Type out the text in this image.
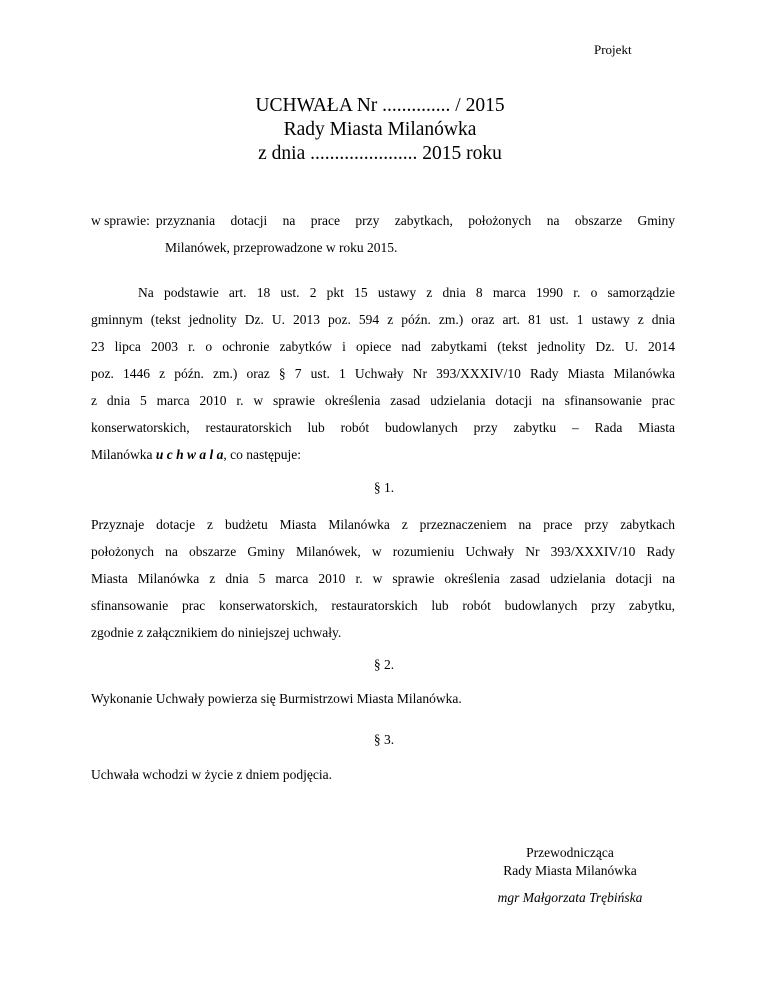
Projekt
UCHWAŁA Nr .............. / 2015
Rady Miasta Milanówka
z dnia ...................... 2015 roku
w sprawie: przyznania dotacji na prace przy zabytkach, położonych na obszarze Gminy
Milanówek, przeprowadzone w roku 2015.
Na podstawie art. 18 ust. 2 pkt 15 ustawy z dnia 8 marca 1990 r. o samorządzie
gminnym (tekst jednolity Dz. U. 2013 poz. 594 z późn. zm.) oraz art. 81 ust. 1 ustawy z dnia
23 lipca 2003 r. o ochronie zabytków i opiece nad zabytkami (tekst jednolity Dz. U. 2014
poz. 1446 z późn. zm.) oraz § 7 ust. 1 Uchwały Nr 393/XXXIV/10 Rady Miasta Milanówka
z dnia 5 marca 2010 r. w sprawie określenia zasad udzielania dotacji na sfinansowanie prac
konserwatorskich, restauratorskich lub robót budowlanych przy zabytku – Rada Miasta
Milanówka u c h w a l a, co następuje:
§ 1.
Przyznaje dotacje z budżetu Miasta Milanówka z przeznaczeniem na prace przy zabytkach
położonych na obszarze Gminy Milanówek, w rozumieniu Uchwały Nr 393/XXXIV/10 Rady
Miasta Milanówka z dnia 5 marca 2010 r. w sprawie określenia zasad udzielania dotacji na
sfinansowanie prac konserwatorskich, restauratorskich lub robót budowlanych przy zabytku,
zgodnie z załącznikiem do niniejszej uchwały.
§ 2.
Wykonanie Uchwały powierza się Burmistrzowi Miasta Milanówka.
§ 3.
Uchwała wchodzi w życie z dniem podjęcia.
Przewodnicząca
Rady Miasta Milanówka
mgr Małgorzata Trębińska
